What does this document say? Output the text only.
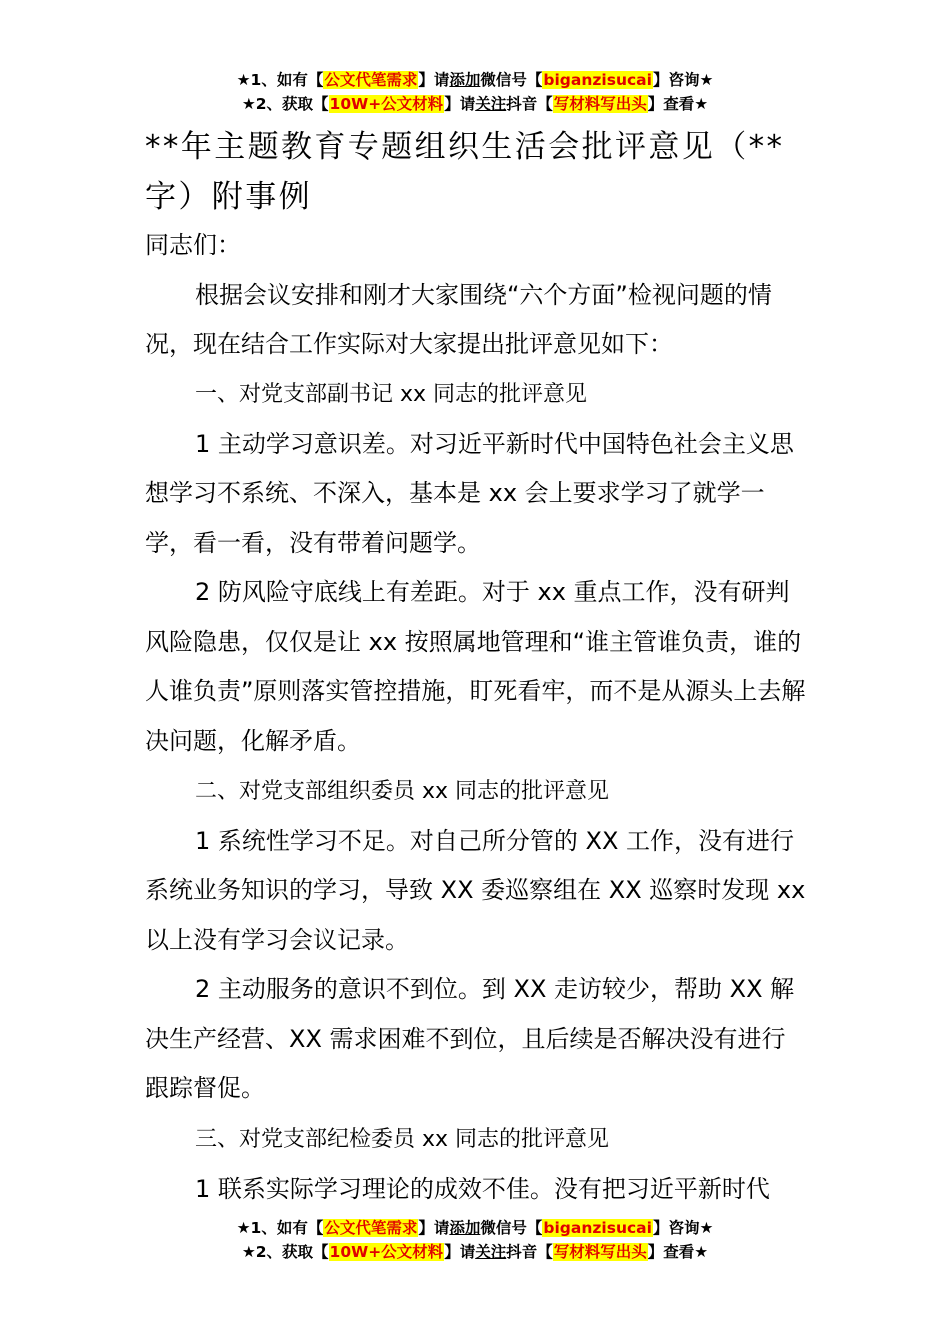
★1、如有【公文代笔需求】请添加微信号【biganzisucai】咨询★
★2、获取【10W+公文材料】请关注抖音【写材料写出头】查看★
**年主题教育专题组织生活会批评意见（**字）附事例

同志们：

根据会议安排和刚才大家围绕“六个方面”检视问题的情况，现在结合工作实际对大家提出批评意见如下：

一、对党支部副书记 xx 同志的批评意见

1 主动学习意识差。对习近平新时代中国特色社会主义思想学习不系统、不深入，基本是 xx 会上要求学习了就学一学，看一看，没有带着问题学。

2 防风险守底线上有差距。对于 xx 重点工作，没有研判风险隐患，仅仅是让 xx 按照属地管理和“谁主管谁负责，谁的人谁负责”原则落实管控措施，盯死看牢，而不是从源头上去解决问题，化解矛盾。

二、对党支部组织委员 xx 同志的批评意见

1 系统性学习不足。对自己所分管的 XX 工作，没有进行系统业务知识的学习，导致 XX 委巡察组在 XX 巡察时发现 xx 以上没有学习会议记录。

2 主动服务的意识不到位。到 XX 走访较少，帮助 XX 解决生产经营、XX 需求困难不到位，且后续是否解决没有进行跟踪督促。

三、对党支部纪检委员 xx 同志的批评意见

1 联系实际学习理论的成效不佳。没有把习近平新时代

★1、如有【公文代笔需求】请添加微信号【biganzisucai】咨询★
★2、获取【10W+公文材料】请关注抖音【写材料写出头】查看★
